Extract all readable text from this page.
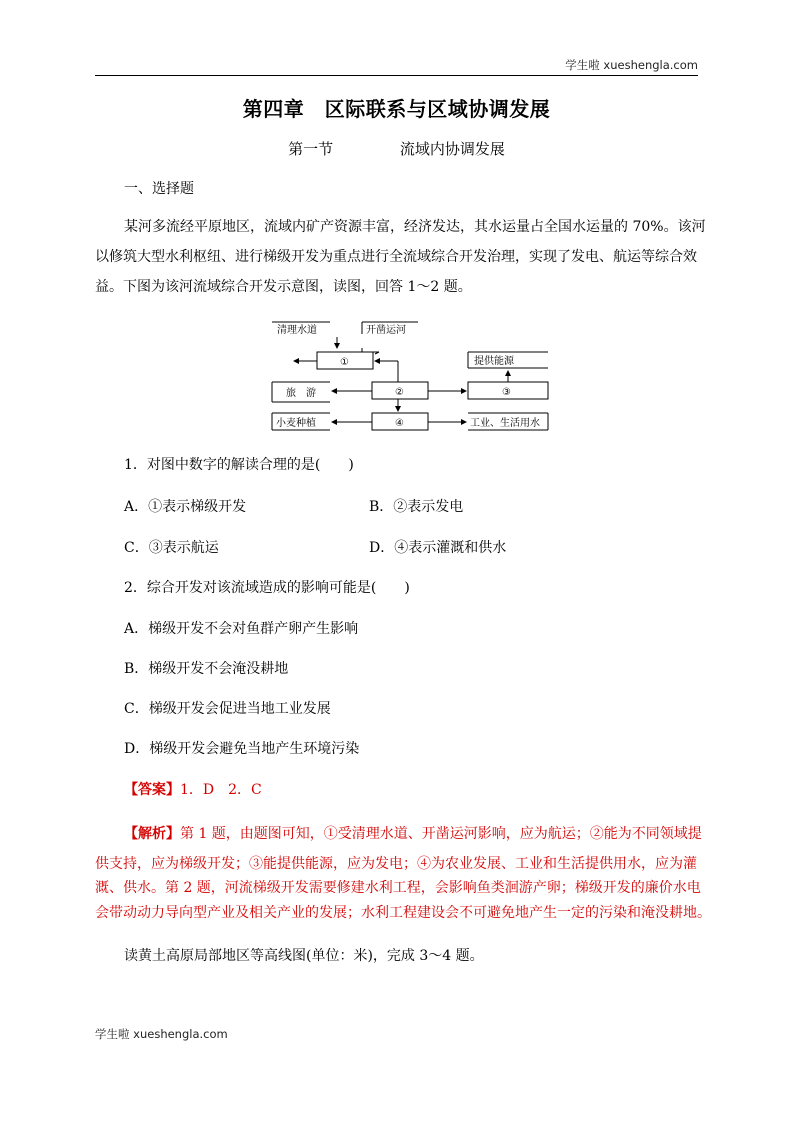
学生啦 xueshengla.com
第四章　区际联系与区域协调发展
第一节	流域内协调发展
一、选择题
某河多流经平原地区，流域内矿产资源丰富，经济发达，其水运量占全国水运量的 70%。该河
以修筑大型水利枢纽、进行梯级开发为重点进行全流域综合开发治理，实现了发电、航运等综合效
益。下图为该河流域综合开发示意图，读图，回答 1～2 题。
清理水道	开凿运河
①
旅　游	②
提供能源
③
小麦种植	④	工业、生活用水
1．对图中数字的解读合理的是(　　)
A．①表示梯级开发	B．②表示发电
C．③表示航运	D．④表示灌溉和供水
2．综合开发对该流域造成的影响可能是(　　)
A．梯级开发不会对鱼群产卵产生影响
B．梯级开发不会淹没耕地
C．梯级开发会促进当地工业发展
D．梯级开发会避免当地产生环境污染
【答案】1．D　2．C
【解析】第 1 题，由题图可知，①受清理水道、开凿运河影响，应为航运；②能为不同领域提
供支持，应为梯级开发；③能提供能源，应为发电；④为农业发展、工业和生活提供用水，应为灌
溉、供水。第 2 题，河流梯级开发需要修建水利工程，会影响鱼类洄游产卵；梯级开发的廉价水电
会带动动力导向型产业及相关产业的发展；水利工程建设会不可避免地产生一定的污染和淹没耕地。
读黄土高原局部地区等高线图(单位：米)，完成 3～4 题。
学生啦 xueshengla.com
